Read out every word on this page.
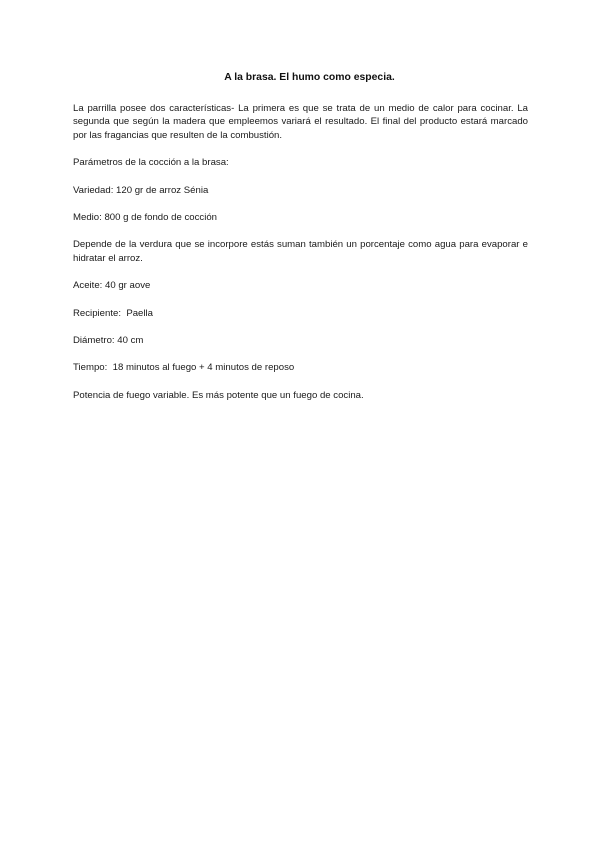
A la brasa. El humo como especia.

La parrilla posee dos características- La primera es que se trata de un medio de calor para cocinar. La segunda que según la madera que empleemos variará el resultado. El final del producto estará marcado por las fragancias que resulten de la combustión.

Parámetros de la cocción a la brasa:

Variedad: 120 gr de arroz Sénia

Medio: 800 g de fondo de cocción

Depende de la verdura que se incorpore estás suman también un porcentaje como agua para evaporar e hidratar el arroz.

Aceite: 40 gr aove

Recipiente:  Paella

Diámetro: 40 cm

Tiempo:  18 minutos al fuego + 4 minutos de reposo

Potencia de fuego variable. Es más potente que un fuego de cocina.
